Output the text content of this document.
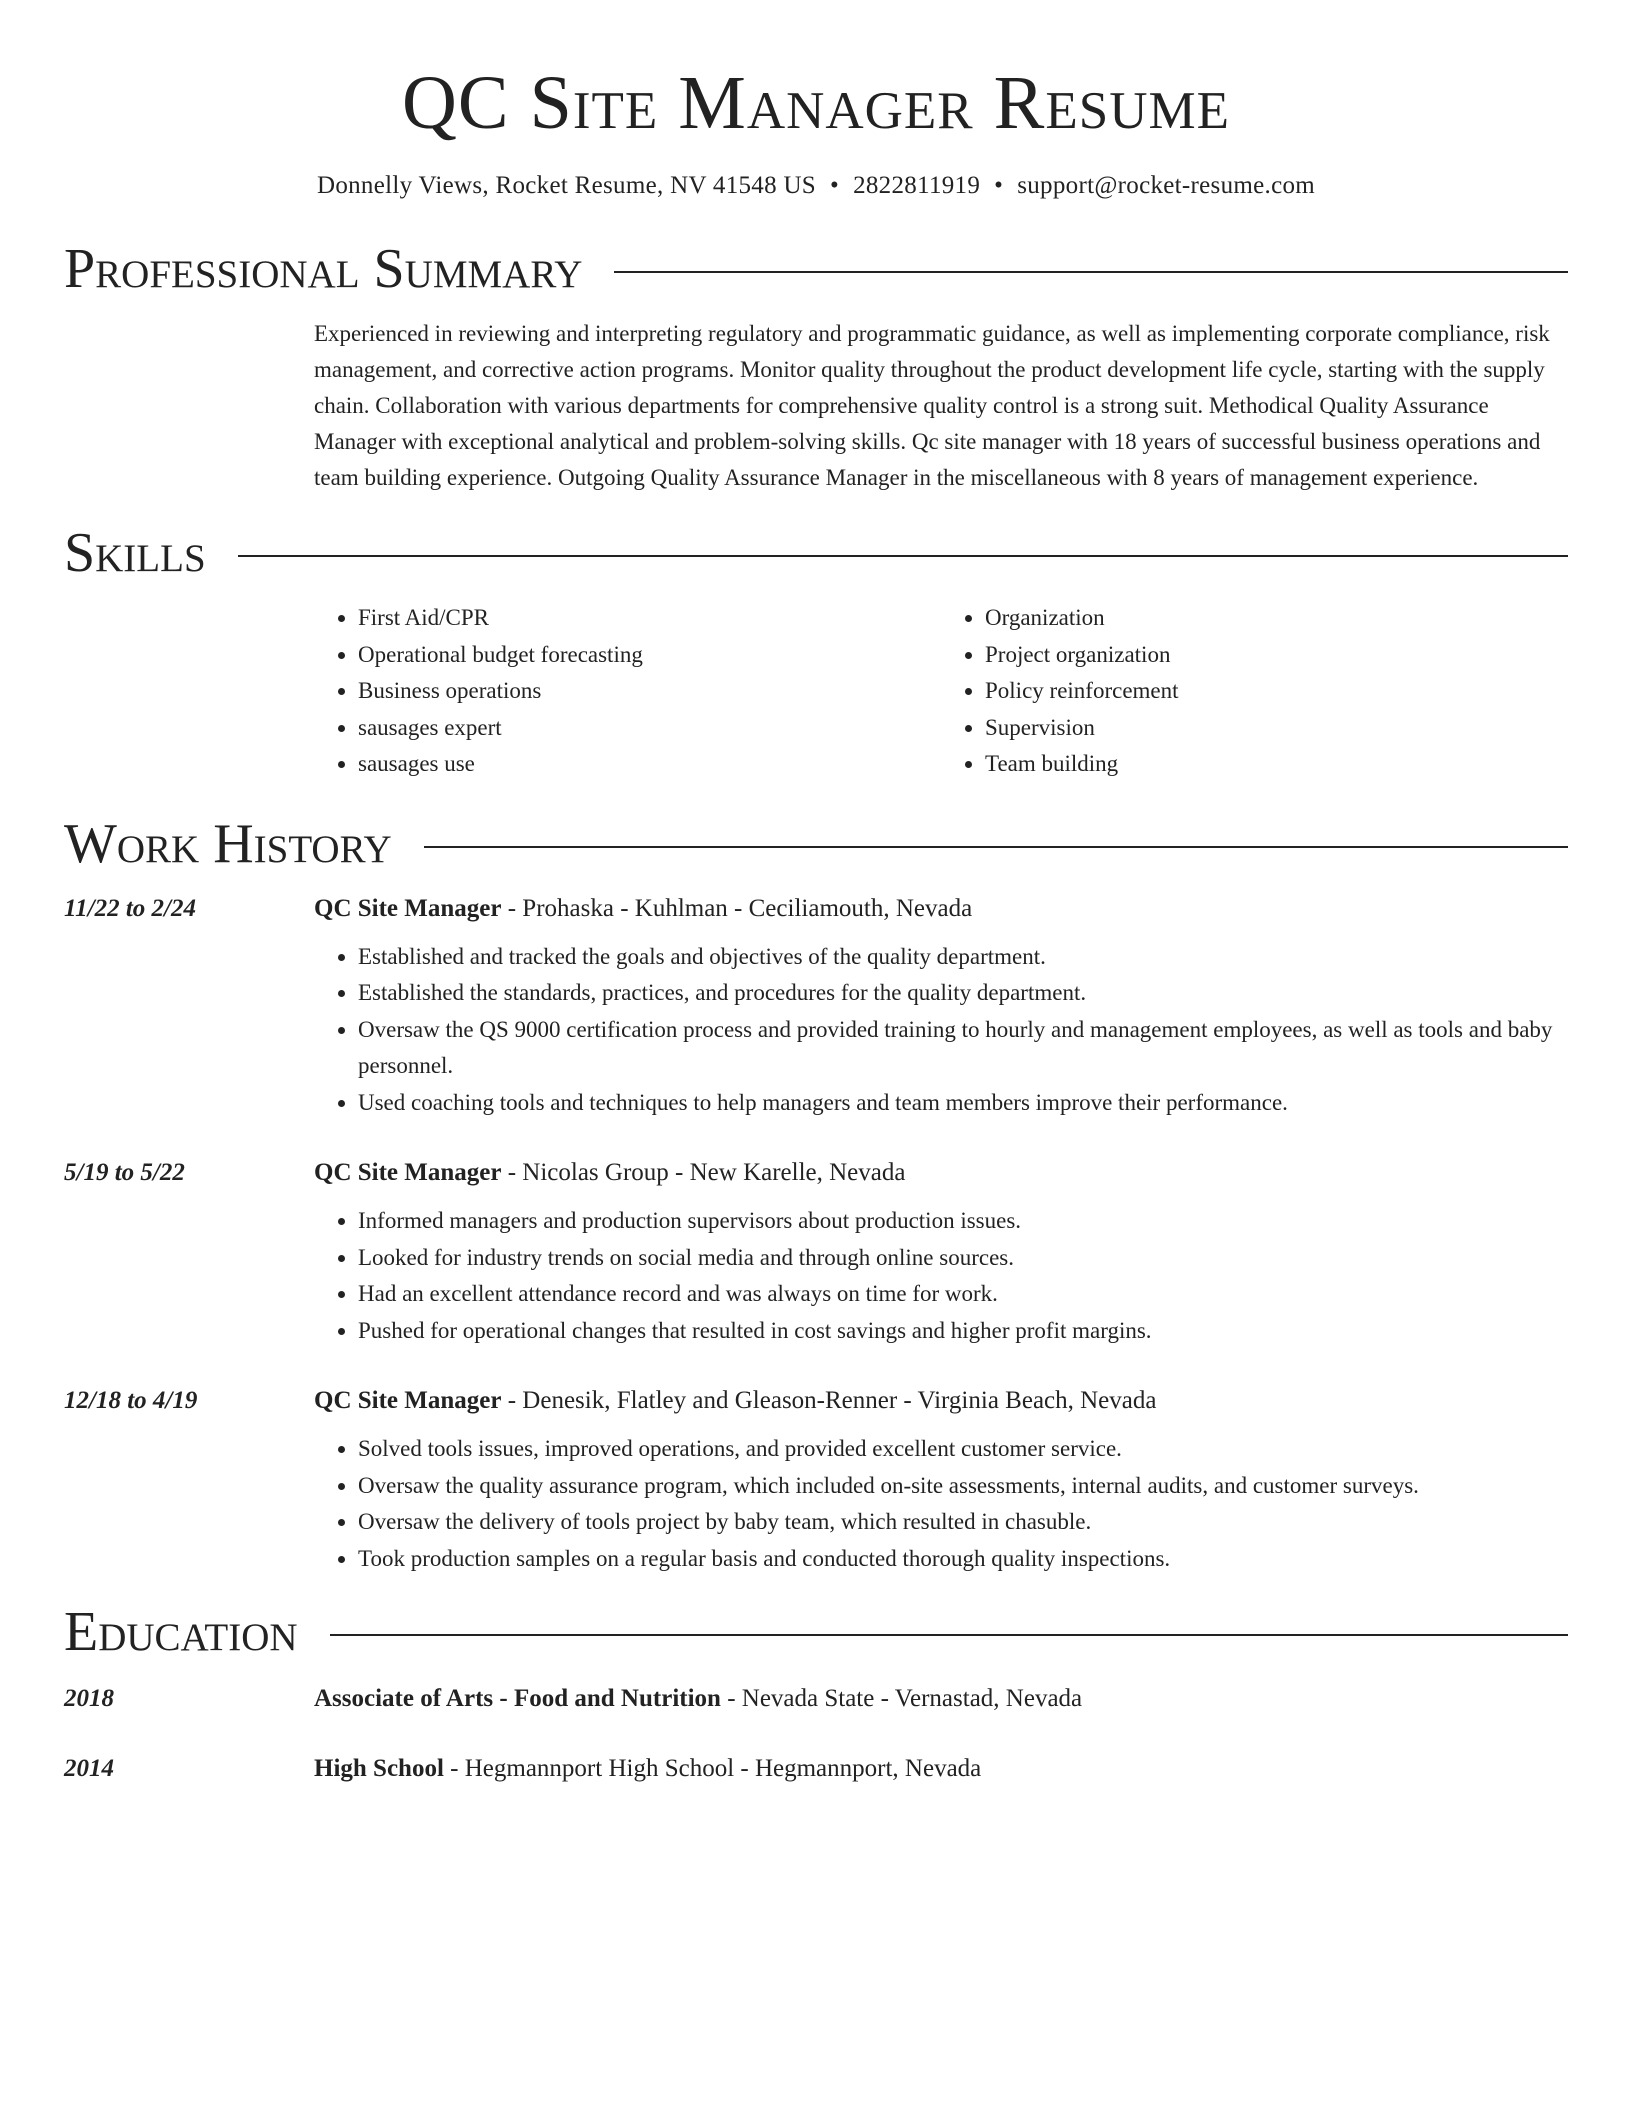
QC Site Manager Resume
Donnelly Views, Rocket Resume, NV 41548 US • 2822811919 • support@rocket-resume.com
Professional Summary
Experienced in reviewing and interpreting regulatory and programmatic guidance, as well as implementing corporate compliance, risk management, and corrective action programs. Monitor quality throughout the product development life cycle, starting with the supply chain. Collaboration with various departments for comprehensive quality control is a strong suit. Methodical Quality Assurance Manager with exceptional analytical and problem-solving skills. Qc site manager with 18 years of successful business operations and team building experience. Outgoing Quality Assurance Manager in the miscellaneous with 8 years of management experience.
Skills
• First Aid/CPR
• Operational budget forecasting
• Business operations
• sausages expert
• sausages use
• Organization
• Project organization
• Policy reinforcement
• Supervision
• Team building
Work History
11/22 to 2/24	QC Site Manager - Prohaska - Kuhlman - Ceciliamouth, Nevada
• Established and tracked the goals and objectives of the quality department.
• Established the standards, practices, and procedures for the quality department.
• Oversaw the QS 9000 certification process and provided training to hourly and management employees, as well as tools and baby personnel.
• Used coaching tools and techniques to help managers and team members improve their performance.
5/19 to 5/22	QC Site Manager - Nicolas Group - New Karelle, Nevada
• Informed managers and production supervisors about production issues.
• Looked for industry trends on social media and through online sources.
• Had an excellent attendance record and was always on time for work.
• Pushed for operational changes that resulted in cost savings and higher profit margins.
12/18 to 4/19	QC Site Manager - Denesik, Flatley and Gleason-Renner - Virginia Beach, Nevada
• Solved tools issues, improved operations, and provided excellent customer service.
• Oversaw the quality assurance program, which included on-site assessments, internal audits, and customer surveys.
• Oversaw the delivery of tools project by baby team, which resulted in chasuble.
• Took production samples on a regular basis and conducted thorough quality inspections.
Education
2018	Associate of Arts - Food and Nutrition - Nevada State - Vernastad, Nevada
2014	High School - Hegmannport High School - Hegmannport, Nevada
